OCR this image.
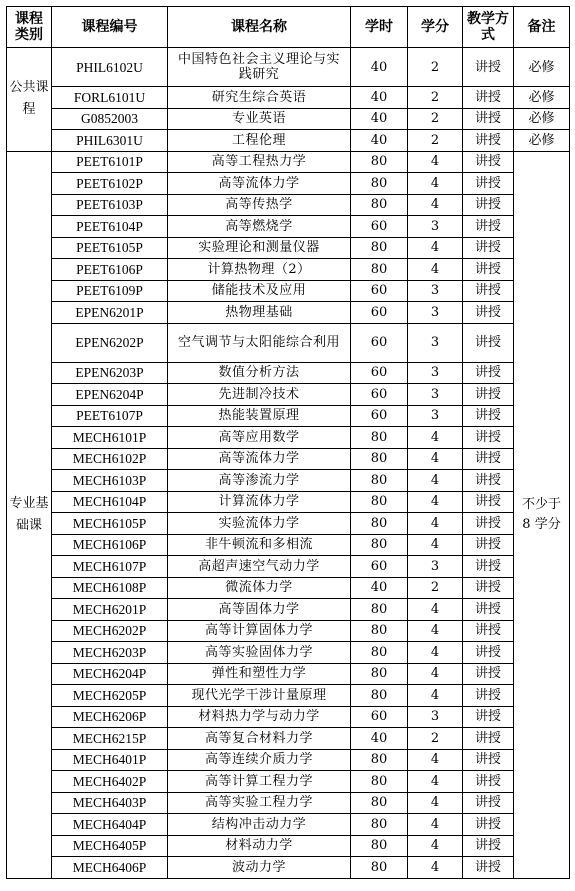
课程类别	课程编号	课程名称	学时	学分	教学方式	备注
公共课程	PHIL6102U	中国特色社会主义理论与实践研究	40	2	讲授	必修
	FORL6101U	研究生综合英语	40	2	讲授	必修
	G0852003	专业英语	40	2	讲授	必修
	PHIL6301U	工程伦理	40	2	讲授	必修
专业基础课	PEET6101P	高等工程热力学	80	4	讲授	不少于 8 学分
	PEET6102P	高等流体力学	80	4	讲授	
	PEET6103P	高等传热学	80	4	讲授	
	PEET6104P	高等燃烧学	60	3	讲授	
	PEET6105P	实验理论和测量仪器	80	4	讲授	
	PEET6106P	计算热物理（2）	80	4	讲授	
	PEET6109P	储能技术及应用	60	3	讲授	
	EPEN6201P	热物理基础	60	3	讲授	
	EPEN6202P	空气调节与太阳能综合利用	60	3	讲授	
	EPEN6203P	数值分析方法	60	3	讲授	
	EPEN6204P	先进制冷技术	60	3	讲授	
	PEET6107P	热能装置原理	60	3	讲授	
	MECH6101P	高等应用数学	80	4	讲授	
	MECH6102P	高等流体力学	80	4	讲授	
	MECH6103P	高等渗流力学	80	4	讲授	
	MECH6104P	计算流体力学	80	4	讲授	
	MECH6105P	实验流体力学	80	4	讲授	
	MECH6106P	非牛顿流和多相流	80	4	讲授	
	MECH6107P	高超声速空气动力学	60	3	讲授	
	MECH6108P	微流体力学	40	2	讲授	
	MECH6201P	高等固体力学	80	4	讲授	
	MECH6202P	高等计算固体力学	80	4	讲授	
	MECH6203P	高等实验固体力学	80	4	讲授	
	MECH6204P	弹性和塑性力学	80	4	讲授	
	MECH6205P	现代光学干涉计量原理	80	4	讲授	
	MECH6206P	材料热力学与动力学	60	3	讲授	
	MECH6215P	高等复合材料力学	40	2	讲授	
	MECH6401P	高等连续介质力学	80	4	讲授	
	MECH6402P	高等计算工程力学	80	4	讲授	
	MECH6403P	高等实验工程力学	80	4	讲授	
	MECH6404P	结构冲击动力学	80	4	讲授	
	MECH6405P	材料动力学	80	4	讲授	
	MECH6406P	波动力学	80	4	讲授	
